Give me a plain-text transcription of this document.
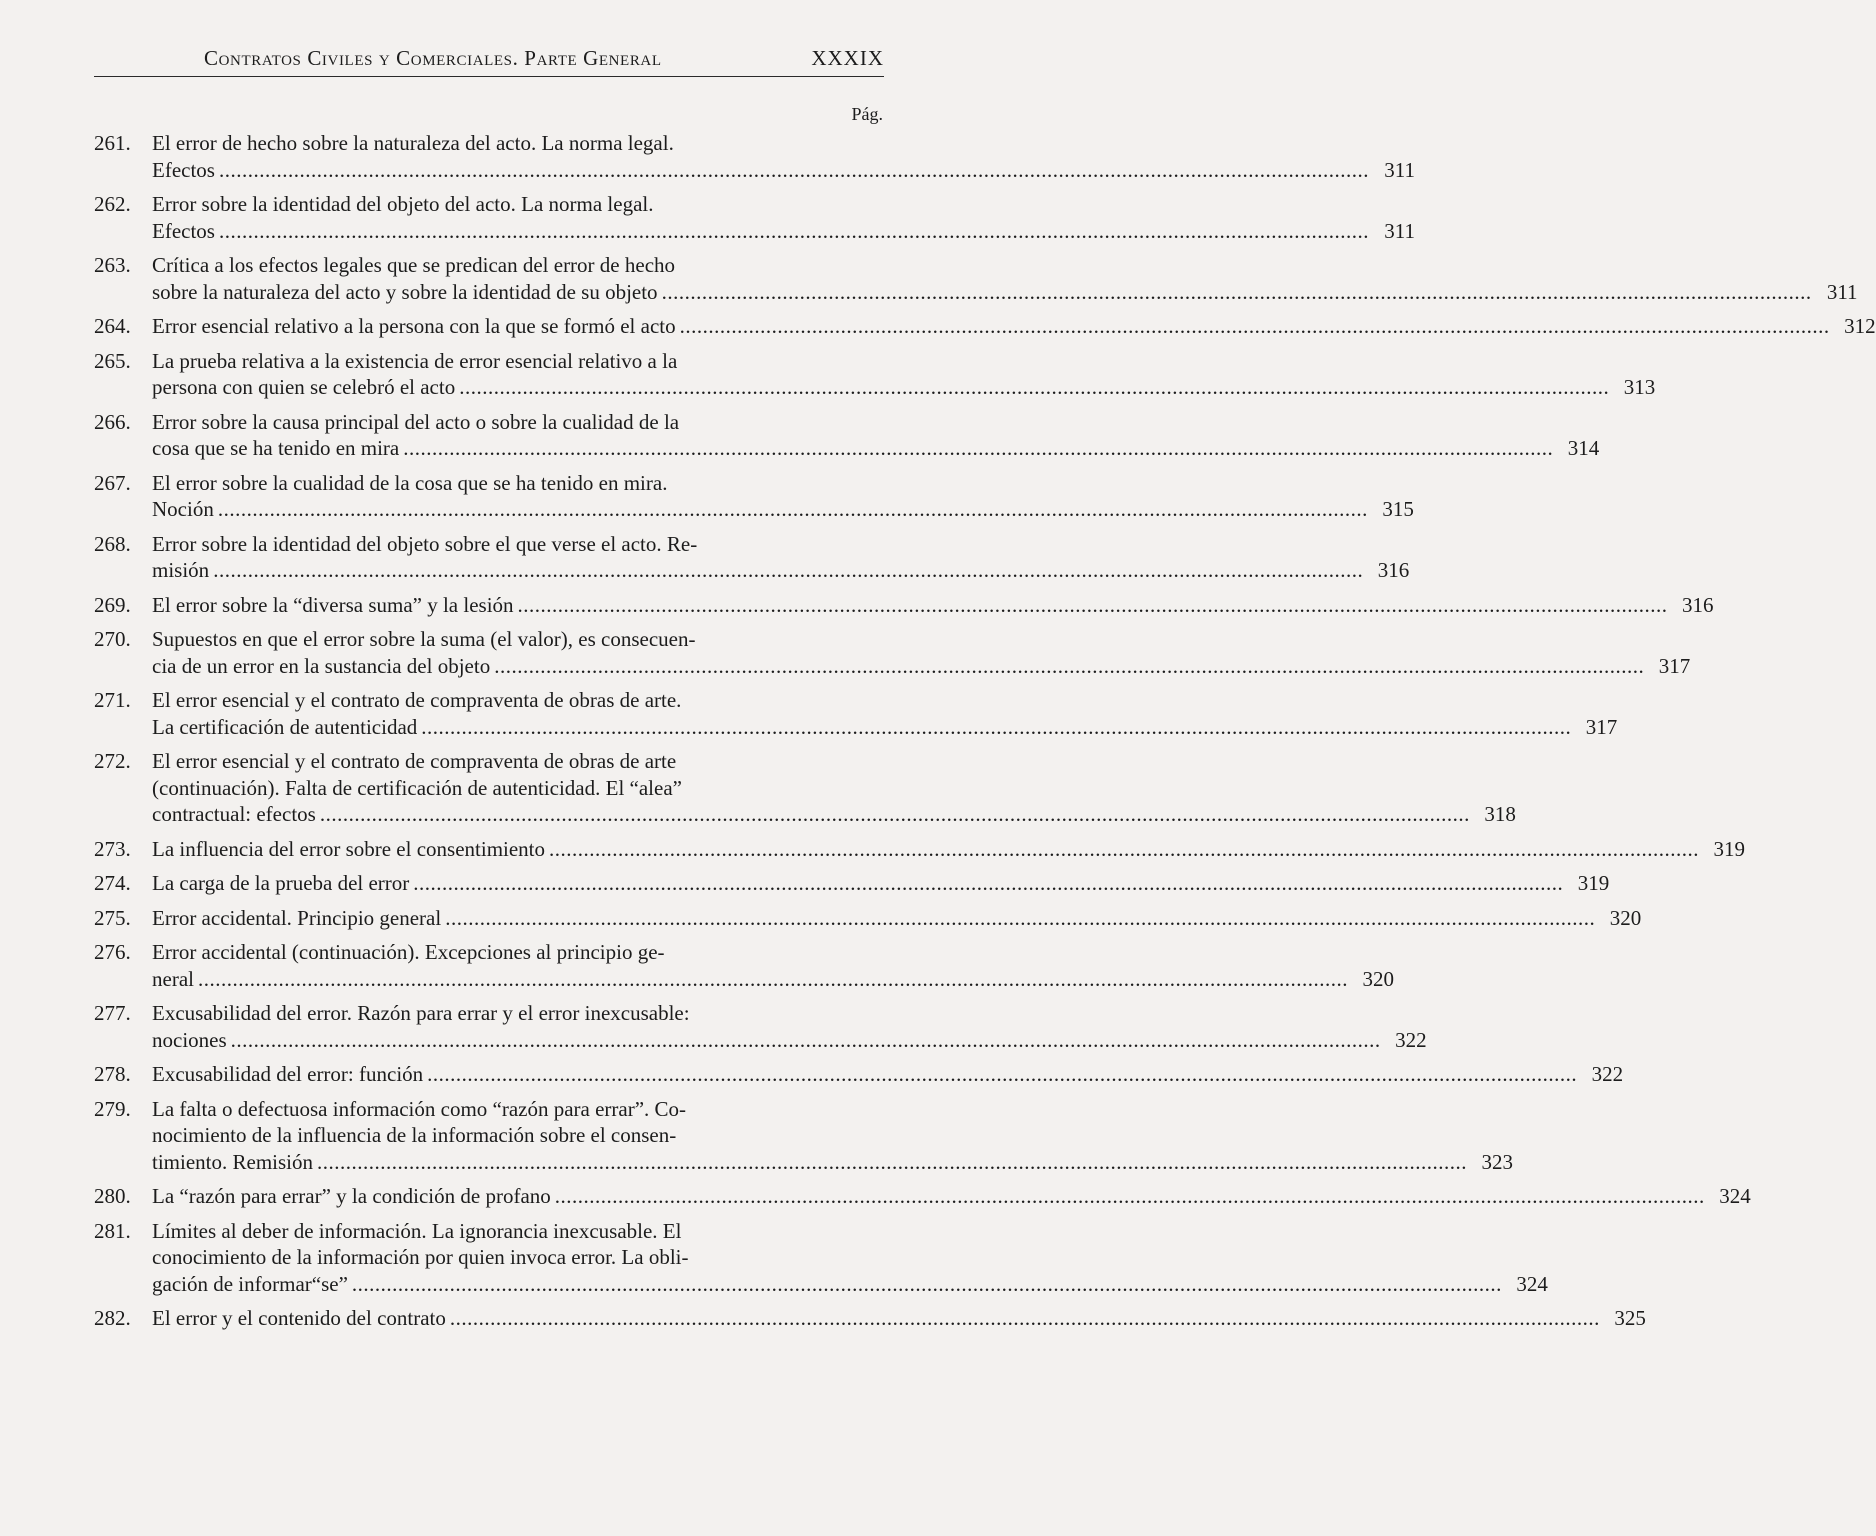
Contratos Civiles y Comerciales. Parte General	XXXIX
Pág.
261.	El error de hecho sobre la naturaleza del acto. La norma legal.
Efectos .....	311
262.	Error sobre la identidad del objeto del acto. La norma legal.
Efectos .....	311
263.	Crítica a los efectos legales que se predican del error de hecho
sobre la naturaleza del acto y sobre la identidad de su objeto .....	311
264.	Error esencial relativo a la persona con la que se formó el acto .....	312
265.	La prueba relativa a la existencia de error esencial relativo a la
persona con quien se celebró el acto .....	313
266.	Error sobre la causa principal del acto o sobre la cualidad de la
cosa que se ha tenido en mira .....	314
267.	El error sobre la cualidad de la cosa que se ha tenido en mira.
Noción .....	315
268.	Error sobre la identidad del objeto sobre el que verse el acto. Re-
misión .....	316
269.	El error sobre la “diversa suma” y la lesión .....	316
270.	Supuestos en que el error sobre la suma (el valor), es consecuen-
cia de un error en la sustancia del objeto .....	317
271.	El error esencial y el contrato de compraventa de obras de arte.
La certificación de autenticidad .....	317
272.	El error esencial y el contrato de compraventa de obras de arte
(continuación). Falta de certificación de autenticidad. El “alea”
contractual: efectos .....	318
273.	La influencia del error sobre el consentimiento .....	319
274.	La carga de la prueba del error .....	319
275.	Error accidental. Principio general .....	320
276.	Error accidental (continuación). Excepciones al principio ge-
neral .....	320
277.	Excusabilidad del error. Razón para errar y el error inexcusable:
nociones .....	322
278.	Excusabilidad del error: función .....	322
279.	La falta o defectuosa información como “razón para errar”. Co-
nocimiento de la influencia de la información sobre el consen-
timiento. Remisión .....	323
280.	La “razón para errar” y la condición de profano .....	324
281.	Límites al deber de información. La ignorancia inexcusable. El
conocimiento de la información por quien invoca error. La obli-
gación de informar“se” .....	324
282.	El error y el contenido del contrato .....	325
